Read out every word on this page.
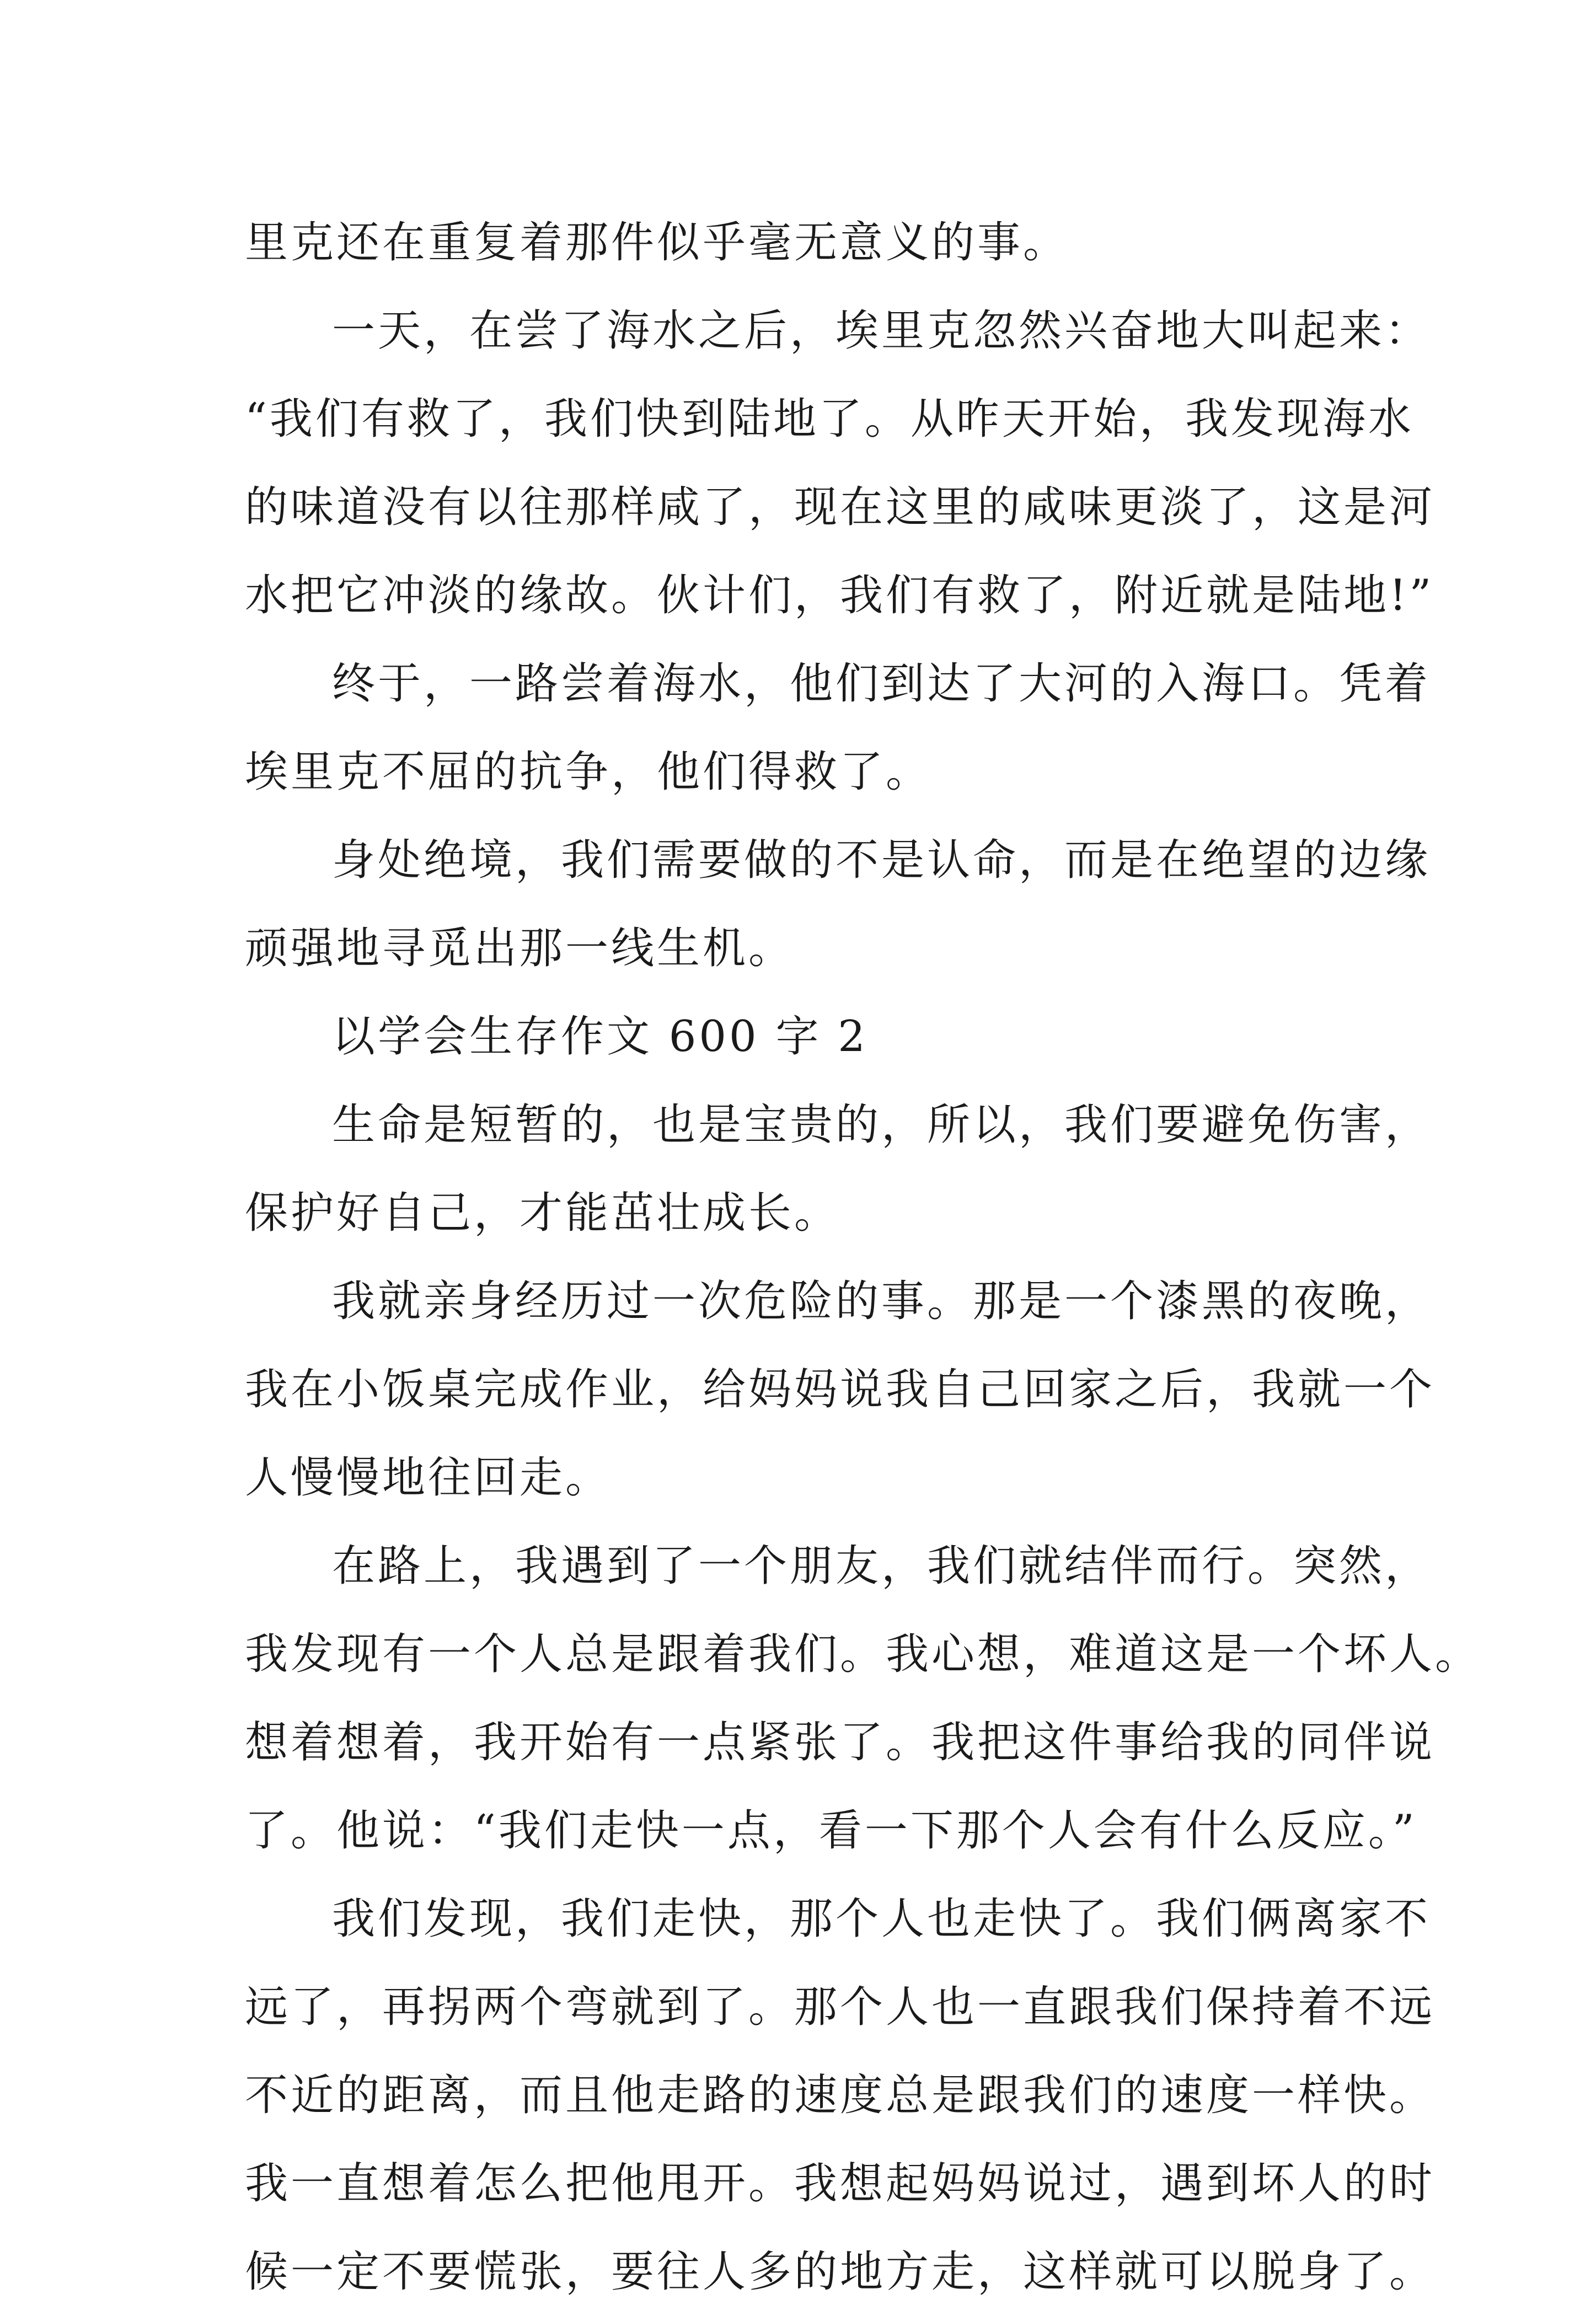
里克还在重复着那件似乎毫无意义的事。
一天，在尝了海水之后，埃里克忽然兴奋地大叫起来：
“我们有救了，我们快到陆地了。从昨天开始，我发现海水
的味道没有以往那样咸了，现在这里的咸味更淡了，这是河
水把它冲淡的缘故。伙计们，我们有救了，附近就是陆地!”
终于，一路尝着海水，他们到达了大河的入海口。凭着
埃里克不屈的抗争，他们得救了。
身处绝境，我们需要做的不是认命，而是在绝望的边缘
顽强地寻觅出那一线生机。
以学会生存作文 600 字 2
生命是短暂的，也是宝贵的，所以，我们要避免伤害，
保护好自己，才能茁壮成长。
我就亲身经历过一次危险的事。那是一个漆黑的夜晚，
我在小饭桌完成作业，给妈妈说我自己回家之后，我就一个
人慢慢地往回走。
在路上，我遇到了一个朋友，我们就结伴而行。突然，
我发现有一个人总是跟着我们。我心想，难道这是一个坏人。
想着想着，我开始有一点紧张了。我把这件事给我的同伴说
了。他说：“我们走快一点，看一下那个人会有什么反应。”
我们发现，我们走快，那个人也走快了。我们俩离家不
远了，再拐两个弯就到了。那个人也一直跟我们保持着不远
不近的距离，而且他走路的速度总是跟我们的速度一样快。
我一直想着怎么把他甩开。我想起妈妈说过，遇到坏人的时
候一定不要慌张，要往人多的地方走，这样就可以脱身了。
